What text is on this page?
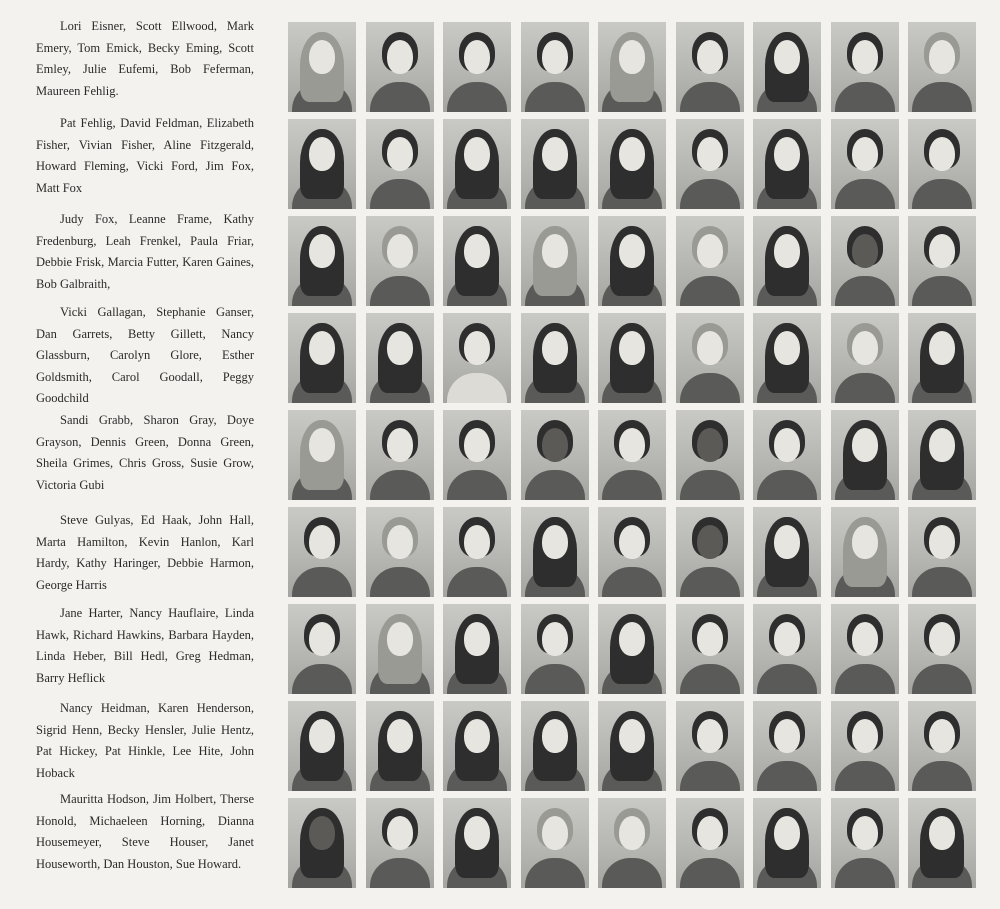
Lori Eisner, Scott Ellwood, Mark Emery, Tom Emick, Becky Eming, Scott Emley, Julie Eufemi, Bob Feferman, Maureen Fehlig.

Pat Fehlig, David Feldman, Elizabeth Fisher, Vivian Fisher, Aline Fitzgerald, Howard Fleming, Vicki Ford, Jim Fox, Matt Fox

Judy Fox, Leanne Frame, Kathy Fredenburg, Leah Frenkel, Paula Friar, Debbie Frisk, Marcia Futter, Karen Gaines, Bob Galbraith,

Vicki Gallagan, Stephanie Ganser, Dan Garrets, Betty Gillett, Nancy Glassburn, Carolyn Glore, Esther Goldsmith, Carol Goodall, Peggy Goodchild

Sandi Grabb, Sharon Gray, Doye Grayson, Dennis Green, Donna Green, Sheila Grimes, Chris Gross, Susie Grow, Victoria Gubi

Steve Gulyas, Ed Haak, John Hall, Marta Hamilton, Kevin Hanlon, Karl Hardy, Kathy Haringer, Debbie Harmon, George Harris

Jane Harter, Nancy Hauflaire, Linda Hawk, Richard Hawkins, Barbara Hayden, Linda Heber, Bill Hedl, Greg Hedman, Barry Heflick

Nancy Heidman, Karen Henderson, Sigrid Henn, Becky Hensler, Julie Hentz, Pat Hickey, Pat Hinkle, Lee Hite, John Hoback

Mauritta Hodson, Jim Holbert, Therse Honold, Michaeleen Horning, Dianna Housemeyer, Steve Houser, Janet Houseworth, Dan Houston, Sue Howard.
